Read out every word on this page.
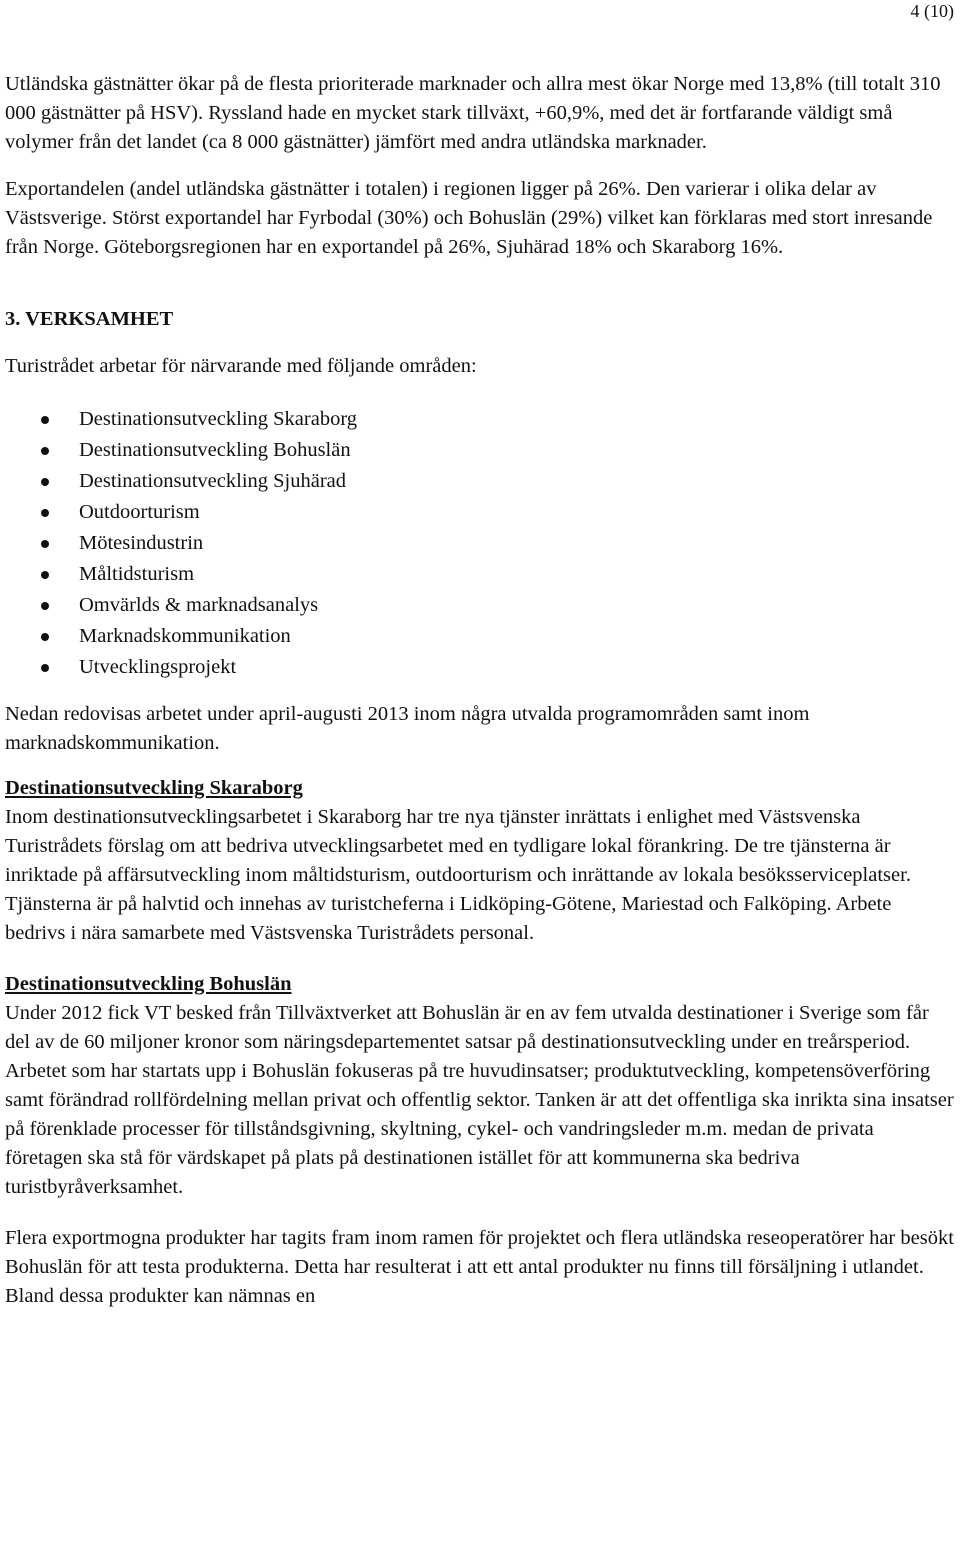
4 (10)

Utländska gästnätter ökar på de flesta prioriterade marknader och allra mest ökar Norge med 13,8% (till totalt 310 000 gästnätter på HSV). Ryssland hade en mycket stark tillväxt, +60,9%, med det är fortfarande väldigt små volymer från det landet (ca 8 000 gästnätter) jämfört med andra utländska marknader.

Exportandelen (andel utländska gästnätter i totalen) i regionen ligger på 26%. Den varierar i olika delar av Västsverige. Störst exportandel har Fyrbodal (30%) och Bohuslän (29%) vilket kan förklaras med stort inresande från Norge. Göteborgsregionen har en exportandel på 26%, Sjuhärad 18% och Skaraborg 16%.

3. VERKSAMHET

Turistrådet arbetar för närvarande med följande områden:

Destinationsutveckling Skaraborg
Destinationsutveckling Bohuslän
Destinationsutveckling Sjuhärad
Outdoorturism
Mötesindustrin
Måltidsturism
Omvärlds & marknadsanalys
Marknadskommunikation
Utvecklingsprojekt

Nedan redovisas arbetet under april-augusti 2013 inom några utvalda programområden samt inom marknadskommunikation.

Destinationsutveckling Skaraborg

Inom destinationsutvecklingsarbetet i Skaraborg har tre nya tjänster inrättats i enlighet med Västsvenska Turistrådets förslag om att bedriva utvecklingsarbetet med en tydligare lokal förankring. De tre tjänsterna är inriktade på affärsutveckling inom måltidsturism, outdoorturism och inrättande av lokala besöksserviceplatser. Tjänsterna är på halvtid och innehas av turistcheferna i Lidköping-Götene, Mariestad och Falköping. Arbete bedrivs i nära samarbete med Västsvenska Turistrådets personal.

Destinationsutveckling Bohuslän

Under 2012 fick VT besked från Tillväxtverket att Bohuslän är en av fem utvalda destinationer i Sverige som får del av de 60 miljoner kronor som näringsdepartementet satsar på destinationsutveckling under en treårsperiod. Arbetet som har startats upp i Bohuslän fokuseras på tre huvudinsatser; produktutveckling, kompetensöverföring samt förändrad rollfördelning mellan privat och offentlig sektor. Tanken är att det offentliga ska inrikta sina insatser på förenklade processer för tillståndsgivning, skyltning, cykel- och vandringsleder m.m. medan de privata företagen ska stå för värdskapet på plats på destinationen istället för att kommunerna ska bedriva turistbyråverksamhet.

Flera exportmogna produkter har tagits fram inom ramen för projektet och flera utländska reseoperatörer har besökt Bohuslän för att testa produkterna. Detta har resulterat i att ett antal produkter nu finns till försäljning i utlandet. Bland dessa produkter kan nämnas en
